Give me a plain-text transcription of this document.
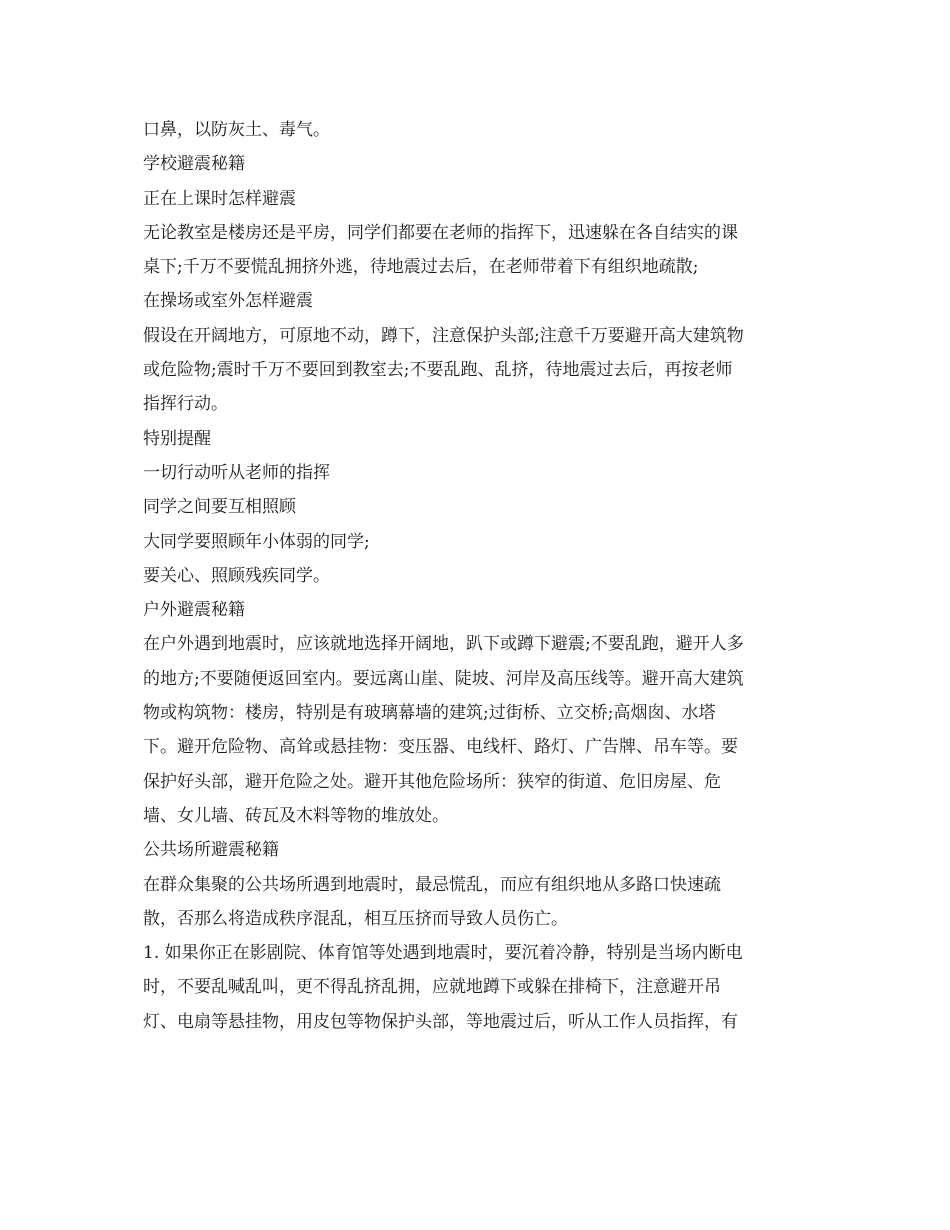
口鼻，以防灰土、毒气。
学校避震秘籍
正在上课时怎样避震
无论教室是楼房还是平房，同学们都要在老师的指挥下，迅速躲在各自结实的课
桌下;千万不要慌乱拥挤外逃，待地震过去后，在老师带着下有组织地疏散;
在操场或室外怎样避震
假设在开阔地方，可原地不动，蹲下，注意保护头部;注意千万要避开高大建筑物
或危险物;震时千万不要回到教室去;不要乱跑、乱挤，待地震过去后，再按老师
指挥行动。
特别提醒
一切行动听从老师的指挥
同学之间要互相照顾
大同学要照顾年小体弱的同学;
要关心、照顾残疾同学。
户外避震秘籍
在户外遇到地震时，应该就地选择开阔地，趴下或蹲下避震;不要乱跑，避开人多
的地方;不要随便返回室内。要远离山崖、陡坡、河岸及高压线等。避开高大建筑
物或构筑物：楼房，特别是有玻璃幕墙的建筑;过街桥、立交桥;高烟囱、水塔
下。避开危险物、高耸或悬挂物：变压器、电线杆、路灯、广告牌、吊车等。要
保护好头部，避开危险之处。避开其他危险场所：狭窄的街道、危旧房屋、危
墙、女儿墙、砖瓦及木料等物的堆放处。
公共场所避震秘籍
在群众集聚的公共场所遇到地震时，最忌慌乱，而应有组织地从多路口快速疏
散，否那么将造成秩序混乱，相互压挤而导致人员伤亡。
1. 如果你正在影剧院、体育馆等处遇到地震时，要沉着冷静，特别是当场内断电
时，不要乱喊乱叫，更不得乱挤乱拥，应就地蹲下或躲在排椅下，注意避开吊
灯、电扇等悬挂物，用皮包等物保护头部，等地震过后，听从工作人员指挥，有
